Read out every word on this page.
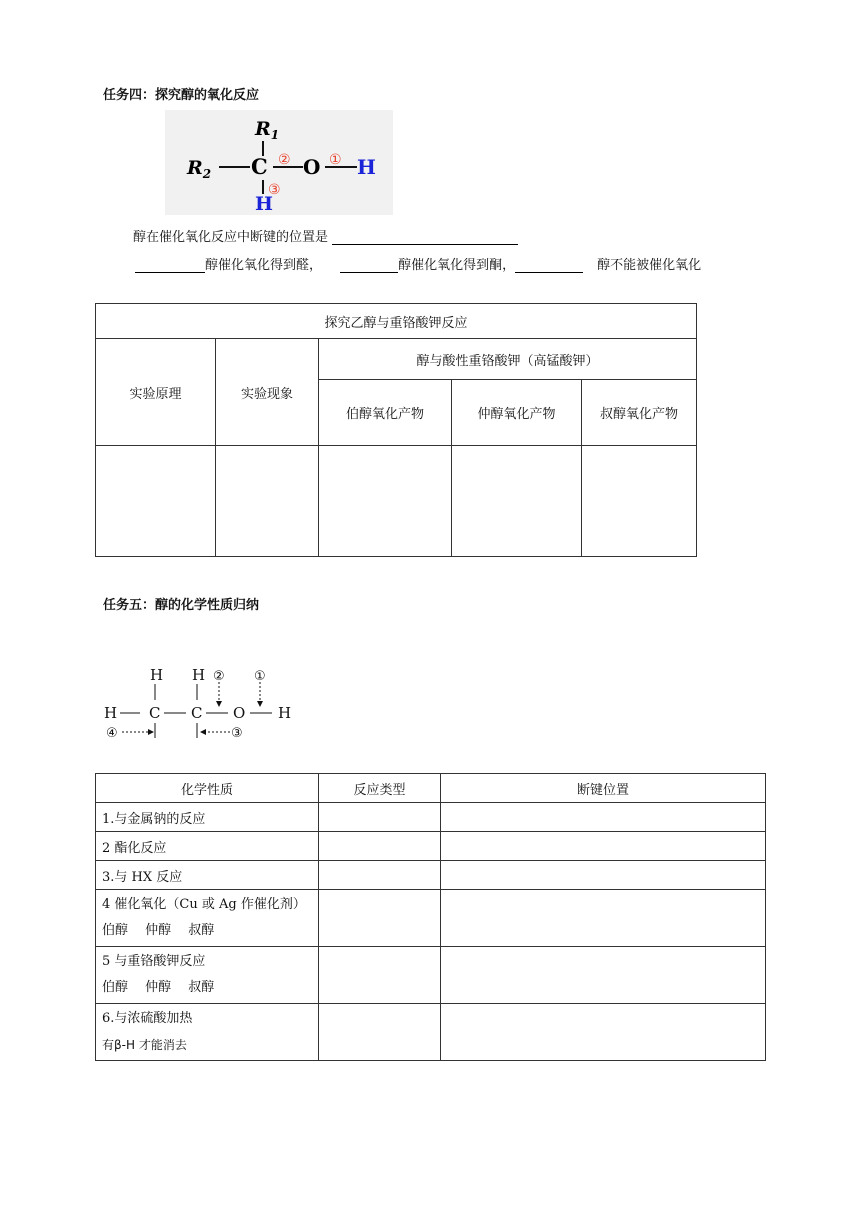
任务四：探究醇的氧化反应
$R_1$
$R_2$ C O H
H
②	①
③
醇在催化氧化反应中断键的位置是
醇催化氧化得到醛，	醇催化氧化得到酮，	醇不能被催化氧化
探究乙醇与重铬酸钾反应				
实验原理	实验现象	醇与酸性重铬酸钾（高锰酸钾）		
		伯醇氧化产物	仲醇氧化产物	叔醇氧化产物

任务五：醇的化学性质归纳
H H
H C C O H
② ①
④	③
化学性质	反应类型	断键位置
1.与金属钠的反应		
2 酯化反应		
3.与 HX 反应		

4 催化氧化（Cu 或 Ag 作催化剂）
伯醇　 仲醇　 叔醇		

5 与重铬酸钾反应
伯醇　 仲醇　 叔醇		

6.与浓硫酸加热
有β-H 才能消去		
